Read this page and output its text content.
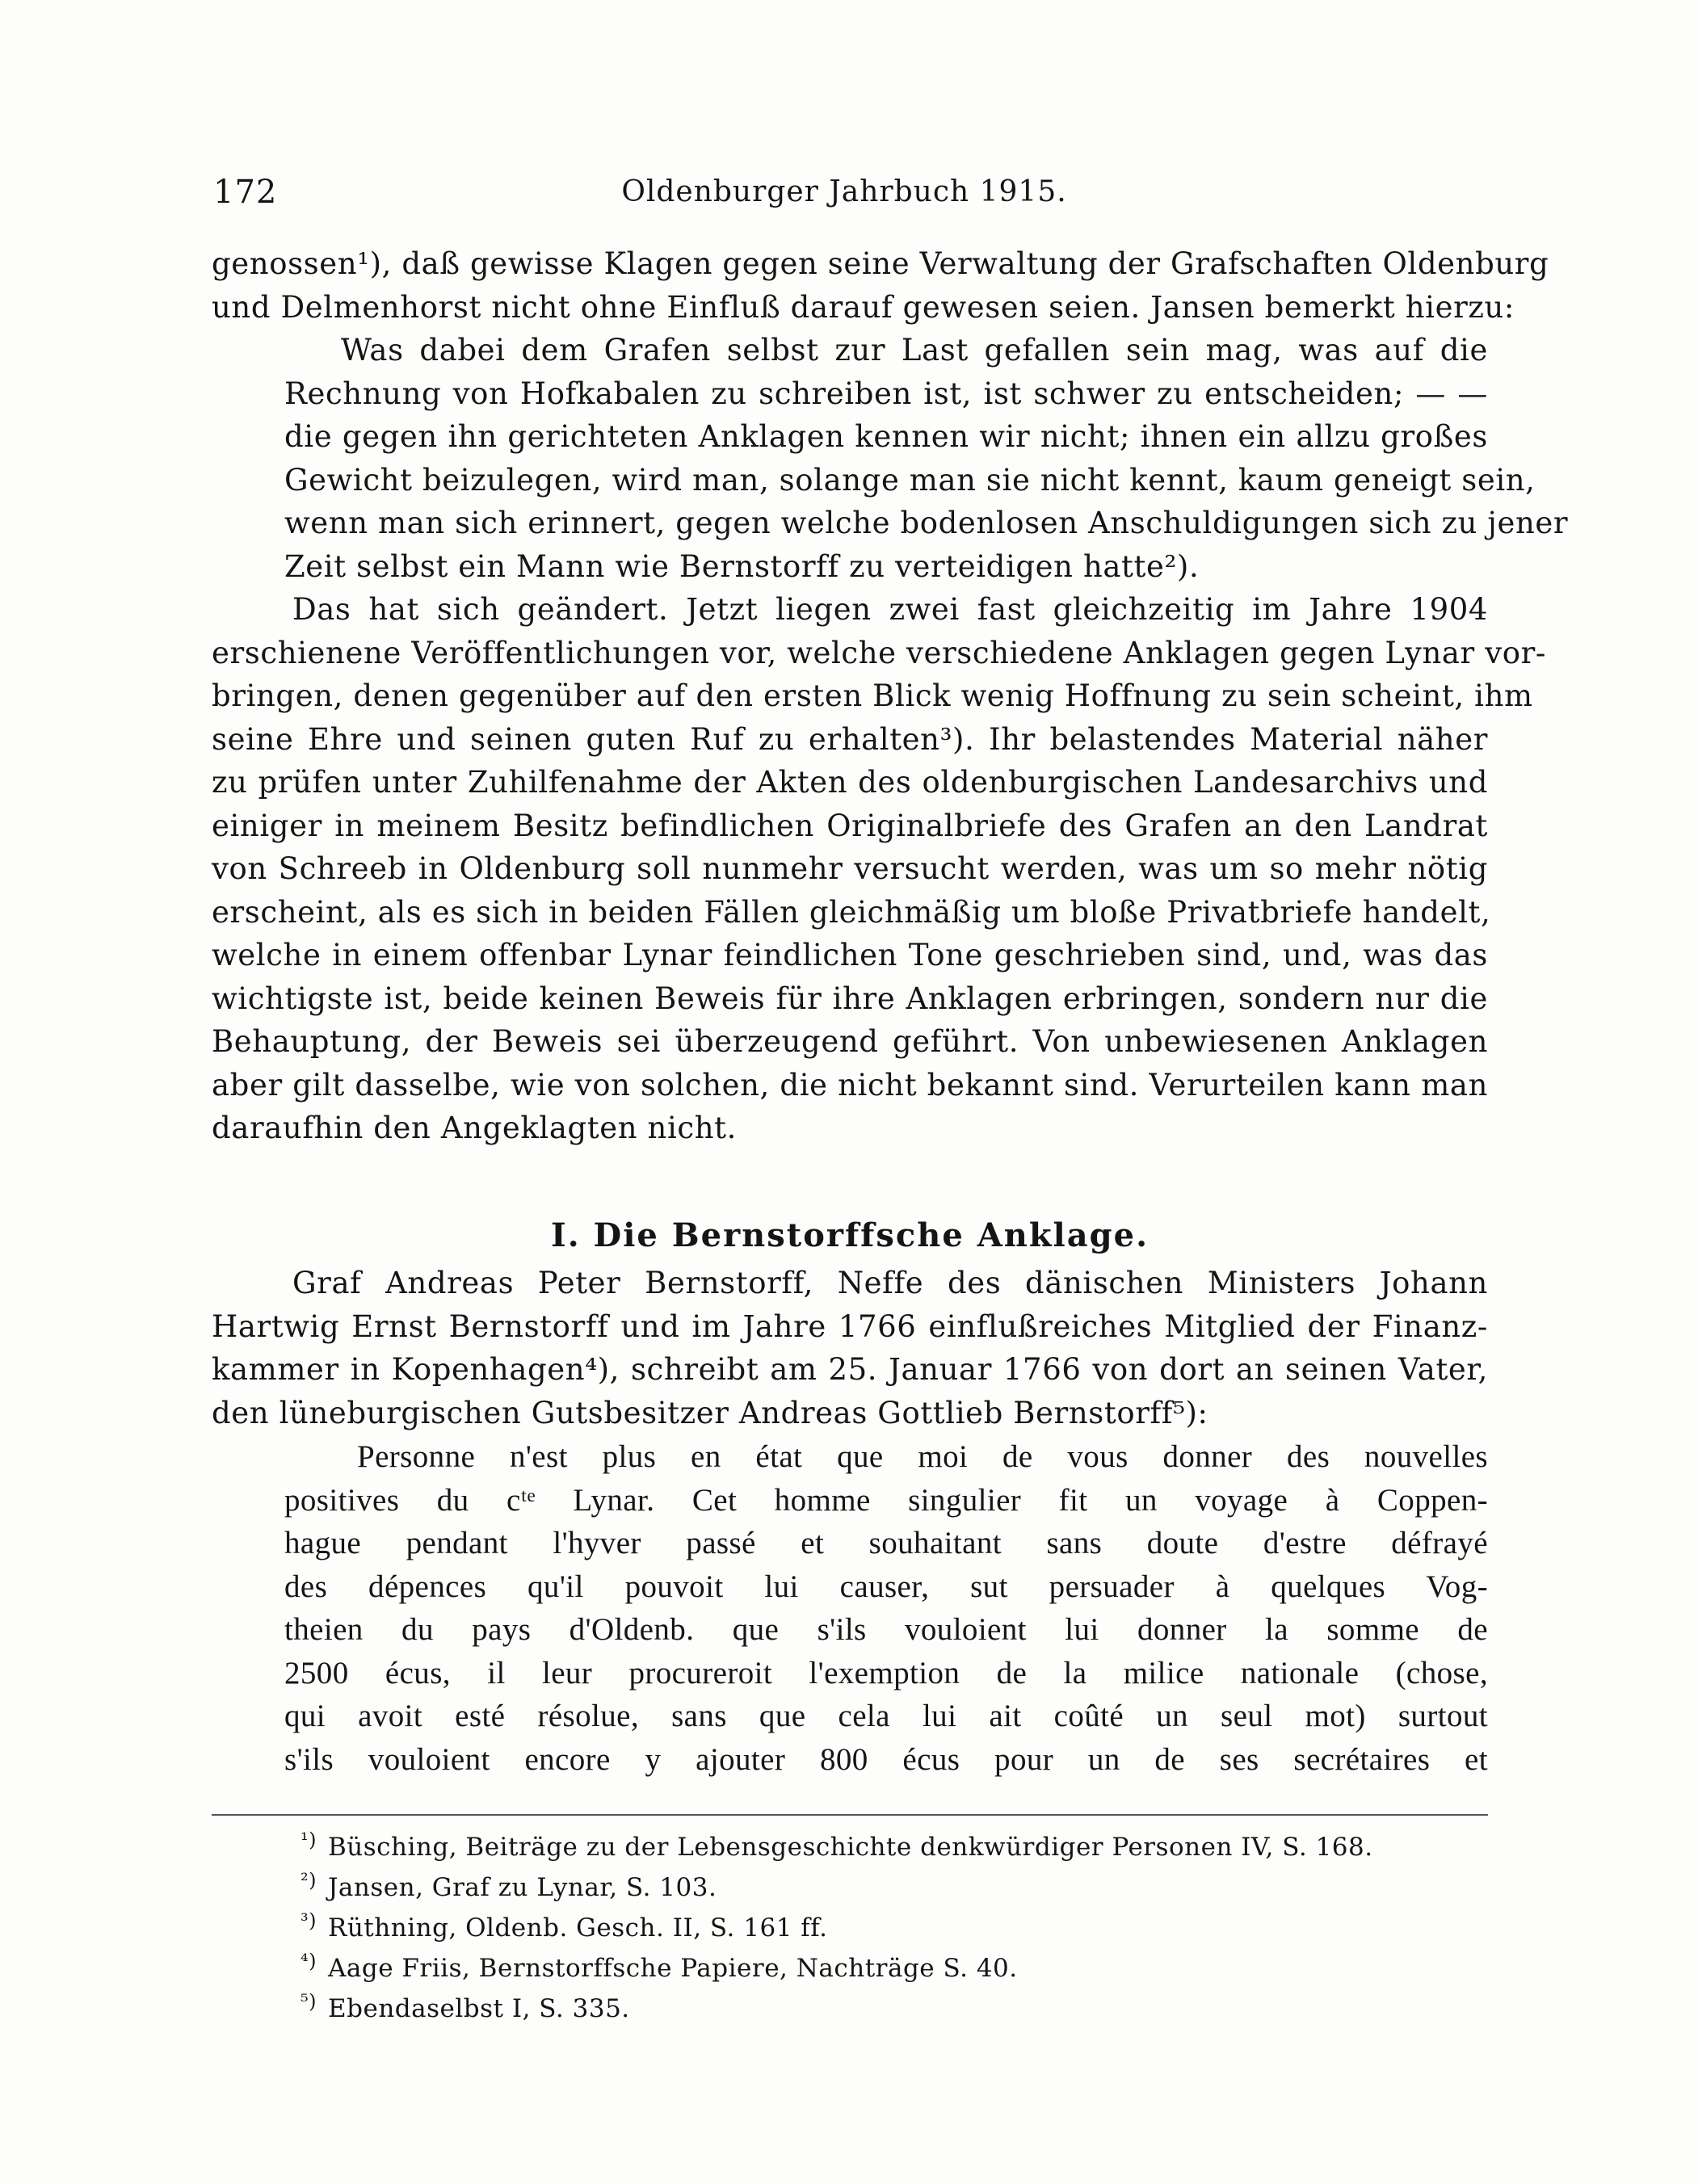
172	Oldenburger Jahrbuch 1915.
genossen¹), daß gewisse Klagen gegen seine Verwaltung der Grafschaften Oldenburg
und Delmenhorst nicht ohne Einfluß darauf gewesen seien. Jansen bemerkt hierzu:
Was dabei dem Grafen selbst zur Last gefallen sein mag, was auf die
Rechnung von Hofkabalen zu schreiben ist, ist schwer zu entscheiden; — —
die gegen ihn gerichteten Anklagen kennen wir nicht; ihnen ein allzu großes
Gewicht beizulegen, wird man, solange man sie nicht kennt, kaum geneigt sein,
wenn man sich erinnert, gegen welche bodenlosen Anschuldigungen sich zu jener
Zeit selbst ein Mann wie Bernstorff zu verteidigen hatte²).
Das hat sich geändert. Jetzt liegen zwei fast gleichzeitig im Jahre 1904
erschienene Veröffentlichungen vor, welche verschiedene Anklagen gegen Lynar vor-
bringen, denen gegenüber auf den ersten Blick wenig Hoffnung zu sein scheint, ihm
seine Ehre und seinen guten Ruf zu erhalten³). Ihr belastendes Material näher
zu prüfen unter Zuhilfenahme der Akten des oldenburgischen Landesarchivs und
einiger in meinem Besitz befindlichen Originalbriefe des Grafen an den Landrat
von Schreeb in Oldenburg soll nunmehr versucht werden, was um so mehr nötig
erscheint, als es sich in beiden Fällen gleichmäßig um bloße Privatbriefe handelt,
welche in einem offenbar Lynar feindlichen Tone geschrieben sind, und, was das
wichtigste ist, beide keinen Beweis für ihre Anklagen erbringen, sondern nur die
Behauptung, der Beweis sei überzeugend geführt. Von unbewiesenen Anklagen
aber gilt dasselbe, wie von solchen, die nicht bekannt sind. Verurteilen kann man
daraufhin den Angeklagten nicht.
I. Die Bernstorffsche Anklage.
Graf Andreas Peter Bernstorff, Neffe des dänischen Ministers Johann
Hartwig Ernst Bernstorff und im Jahre 1766 einflußreiches Mitglied der Finanz-
kammer in Kopenhagen⁴), schreibt am 25. Januar 1766 von dort an seinen Vater,
den lüneburgischen Gutsbesitzer Andreas Gottlieb Bernstorff⁵):
Personne n'est plus en état que moi de vous donner des nouvelles
positives du cᵗᵉ Lynar. Cet homme singulier fit un voyage à Coppen-
hague pendant l'hyver passé et souhaitant sans doute d'estre défrayé
des dépences qu'il pouvoit lui causer, sut persuader à quelques Vog-
theien du pays d'Oldenb. que s'ils vouloient lui donner la somme de
2500 écus, il leur procureroit l'exemption de la milice nationale (chose,
qui avoit esté résolue, sans que cela lui ait coûté un seul mot) surtout
s'ils vouloient encore y ajouter 800 écus pour un de ses secrétaires et
¹) Büsching, Beiträge zu der Lebensgeschichte denkwürdiger Personen IV, S. 168.
²) Jansen, Graf zu Lynar, S. 103.
³) Rüthning, Oldenb. Gesch. II, S. 161 ff.
⁴) Aage Friis, Bernstorffsche Papiere, Nachträge S. 40.
⁵) Ebendaselbst I, S. 335.
